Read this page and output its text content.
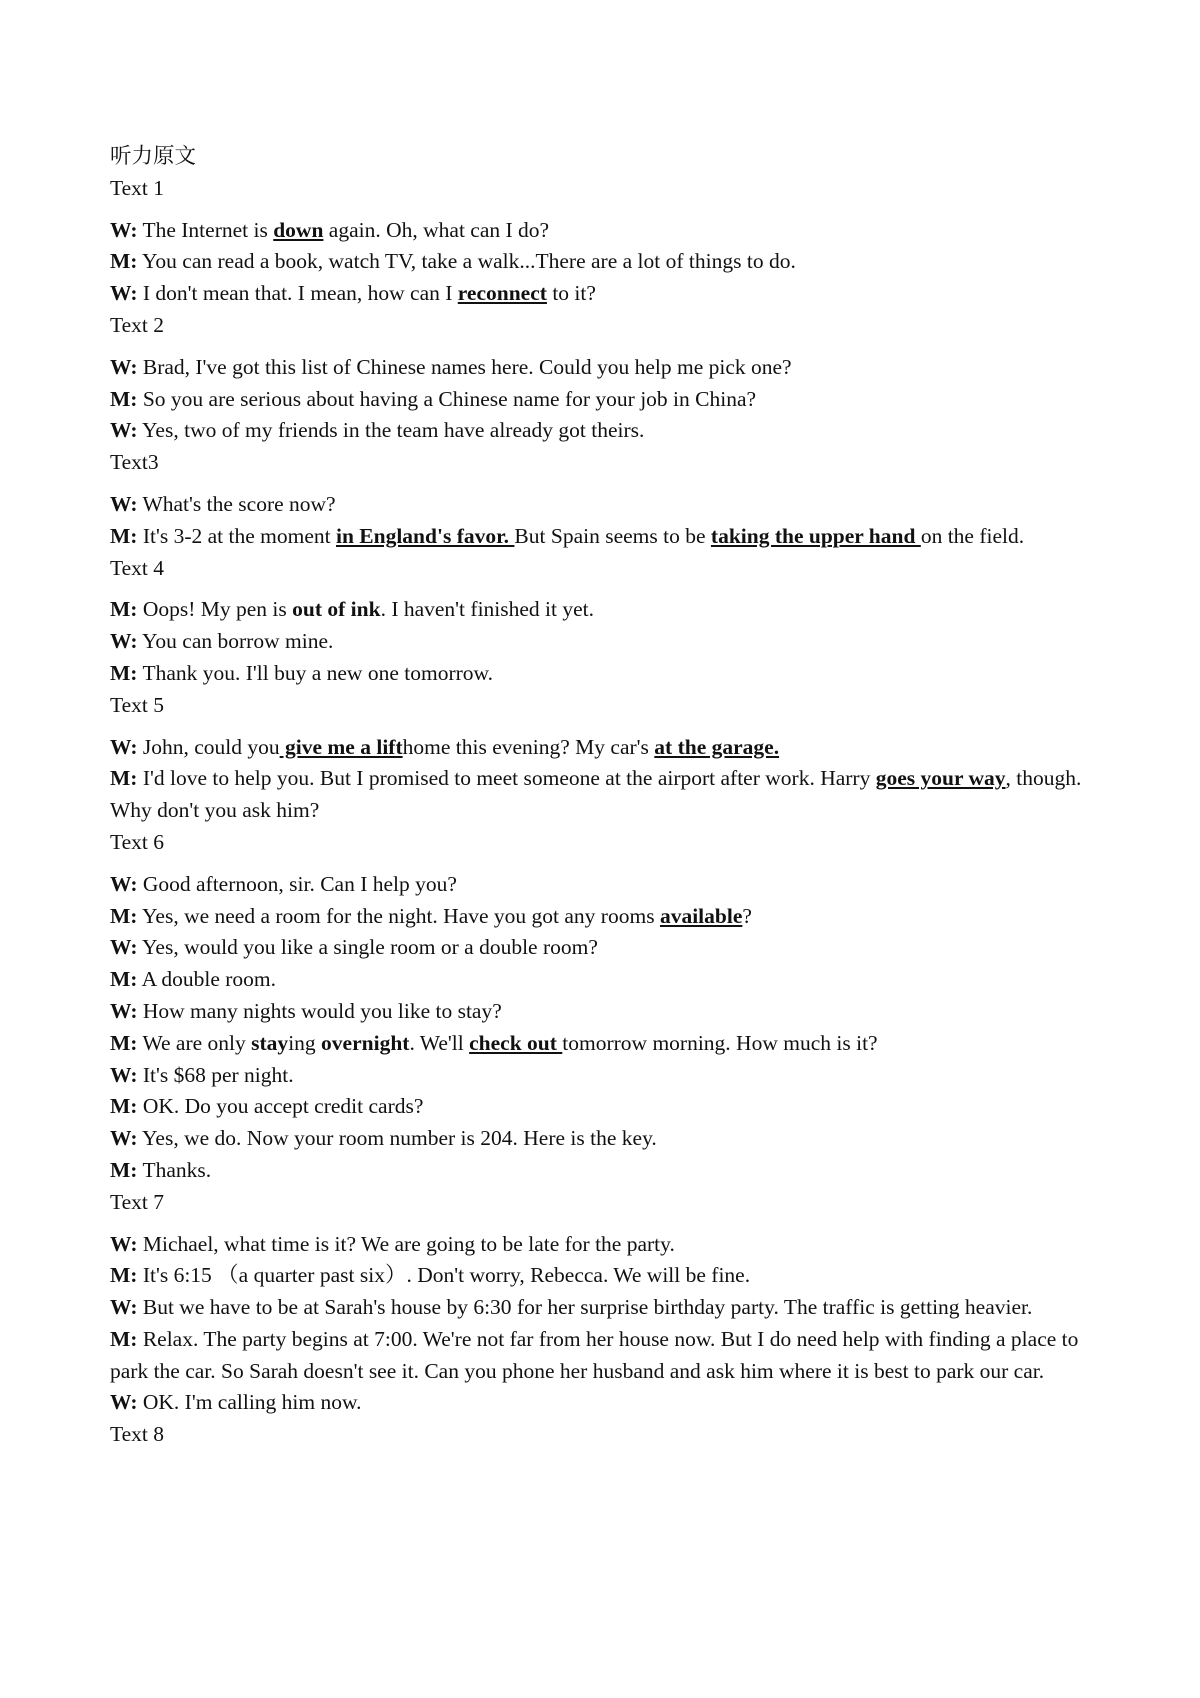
听力原文

Text 1

W: The Internet is down again. Oh, what can I do?

M: You can read a book, watch TV, take a walk...There are a lot of things to do.

W: I don't mean that. I mean, how can I reconnect to it?

Text 2

W: Brad, I've got this list of Chinese names here. Could you help me pick one?

M: So you are serious about having a Chinese name for your job in China?

W: Yes, two of my friends in the team have already got theirs.

Text3

W: What's the score now?

M: It's 3-2 at the moment in England's favor. But Spain seems to be taking the upper hand on the field.

Text 4

M: Oops! My pen is out of ink. I haven't finished it yet.

W: You can borrow mine.

M: Thank you. I'll buy a new one tomorrow.

Text 5

W: John, could you give me a lifthome this evening? My car's at the garage.

M: I'd love to help you. But I promised to meet someone at the airport after work. Harry goes your way, though. Why don't you ask him?

Text 6

W: Good afternoon, sir. Can I help you?

M: Yes, we need a room for the night. Have you got any rooms available?

W: Yes, would you like a single room or a double room?

M: A double room.

W: How many nights would you like to stay?

M: We are only staying overnight. We'll check out tomorrow morning. How much is it?

W: It's $68 per night.

M: OK. Do you accept credit cards?

W: Yes, we do. Now your room number is 204. Here is the key.

M: Thanks.

Text 7

W: Michael, what time is it? We are going to be late for the party.

M: It's 6:15 （a quarter past six）. Don't worry, Rebecca. We will be fine.

W: But we have to be at Sarah's house by 6:30 for her surprise birthday party. The traffic is getting heavier.

M: Relax. The party begins at 7:00. We're not far from her house now. But I do need help with finding a place to park the car. So Sarah doesn't see it. Can you phone her husband and ask him where it is best to park our car.

W: OK. I'm calling him now.

Text 8
